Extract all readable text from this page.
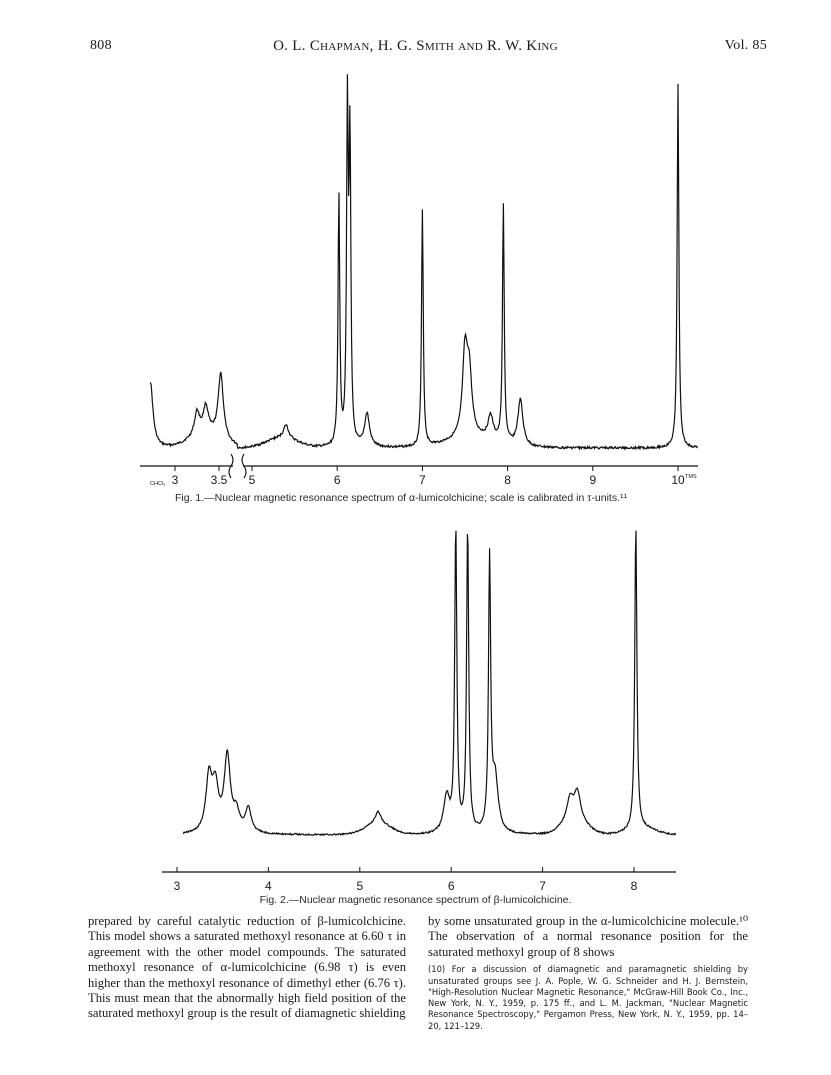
808	O. L. Chapman, H. G. Smith and R. W. King	Vol. 85
3	3.5 5	6	7	8	9	10
CHCl₃
TMS
3	4	5	6	7	8
Fig. 1.—Nuclear magnetic resonance spectrum of α-lumicolchicine; scale is calibrated in τ-units.¹¹
Fig. 2.—Nuclear magnetic resonance spectrum of β-lumicolchicine.
prepared by careful catalytic reduction of β-lumicolchicine. This model shows a saturated methoxyl resonance at 6.60 τ in agreement with the other model compounds. The saturated methoxyl resonance of α-lumicolchicine (6.98 τ) is even higher than the methoxyl resonance of dimethyl ether (6.76 τ). This must mean that the abnormally high field position of the saturated methoxyl group is the result of diamagnetic shielding
by some unsaturated group in the α-lumicolchicine molecule.¹⁰ The observation of a normal resonance position for the saturated methoxyl group of 8 shows
(10) For a discussion of diamagnetic and paramagnetic shielding by unsaturated groups see J. A. Pople, W. G. Schneider and H. J. Bernstein, "High-Resolution Nuclear Magnetic Resonance," McGraw-Hill Book Co., Inc., New York, N. Y., 1959, p. 175 ff., and L. M. Jackman, "Nuclear Magnetic Resonance Spectroscopy," Pergamon Press, New York, N. Y., 1959, pp. 14–20, 121–129.
